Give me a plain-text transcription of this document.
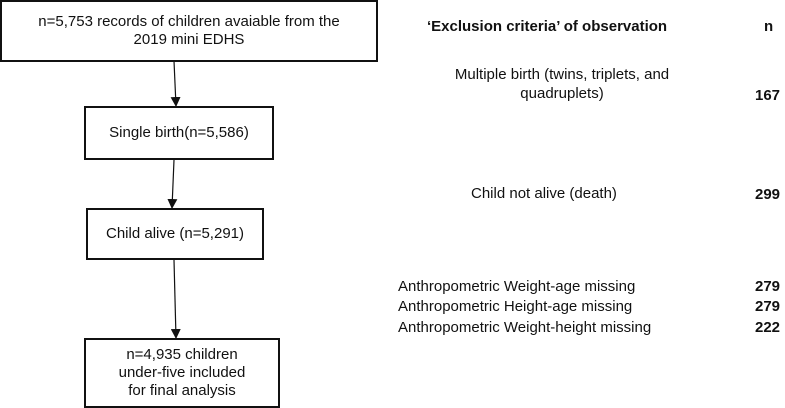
n=5,753 records of children avaiable from the
2019 mini EDHS
Single birth(n=5,586)
Child alive (n=5,291)
n=4,935 children
under-five included
for final analysis
‘Exclusion criteria’ of observation	n
Multiple birth (twins, triplets, and
quadruplets)	167
Child not alive (death)	299
Anthropometric Weight-age missing	279
Anthropometric Height-age missing	279
Anthropometric Weight-height missing	222
